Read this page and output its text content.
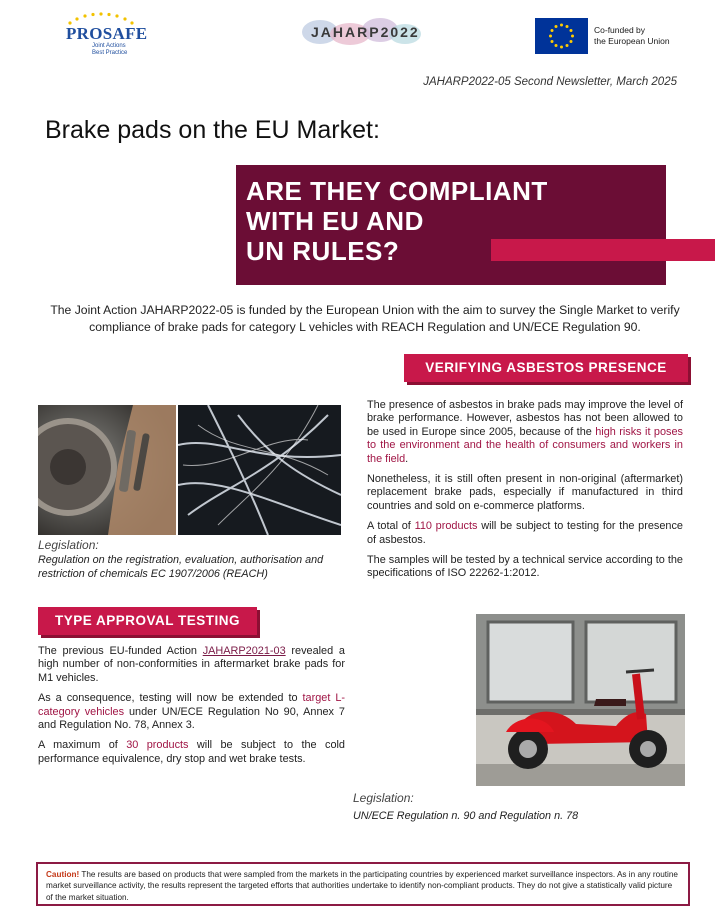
PROSAFE
Joint Actions
Best Practice
JAHARP2022	Co-funded by
the European Union
JAHARP2022-05 Second Newsletter, March 2025
Brake pads on the EU Market:
ARE THEY COMPLIANT
WITH EU AND
UN RULES?
The Joint Action JAHARP2022-05 is funded by the European Union with the aim to survey the Single Market to verify compliance of brake pads for category L vehicles with REACH Regulation and UN/ECE Regulation 90.
VERIFYING ASBESTOS PRESENCE
Legislation:
Regulation on the registration, evaluation, authorisation and restriction of chemicals EC 1907/2006 (REACH)

The presence of asbestos in brake pads may improve the level of brake performance. However, asbestos has not been allowed to be used in Europe since 2005, because of the high risks it poses to the environment and the health of consumers and workers in the field.

Nonetheless, it is still often present in non-original (aftermarket) replacement brake pads, especially if manufactured in third countries and sold on e-commerce platforms.

A total of 110 products will be subject to testing for the presence of asbestos.

The samples will be tested by a technical service according to the specifications of ISO 22262-1:2012.

TYPE APPROVAL TESTING

The previous EU-funded Action JAHARP2021-03 revealed a high number of non-conformities in aftermarket brake pads for M1 vehicles.

As a consequence, testing will now be extended to target L-category vehicles under UN/ECE Regulation No 90, Annex 7 and Regulation No. 78, Annex 3.

A maximum of 30 products will be subject to the cold performance equivalence, dry stop and wet brake tests.

Legislation:
UN/ECE Regulation n. 90 and Regulation n. 78
Caution! The results are based on products that were sampled from the markets in the participating countries by experienced market surveillance inspectors. As in any routine market surveillance activity, the results represent the targeted efforts that authorities undertake to identify non-compliant products. They do not give a statistically valid picture of the market situation.
